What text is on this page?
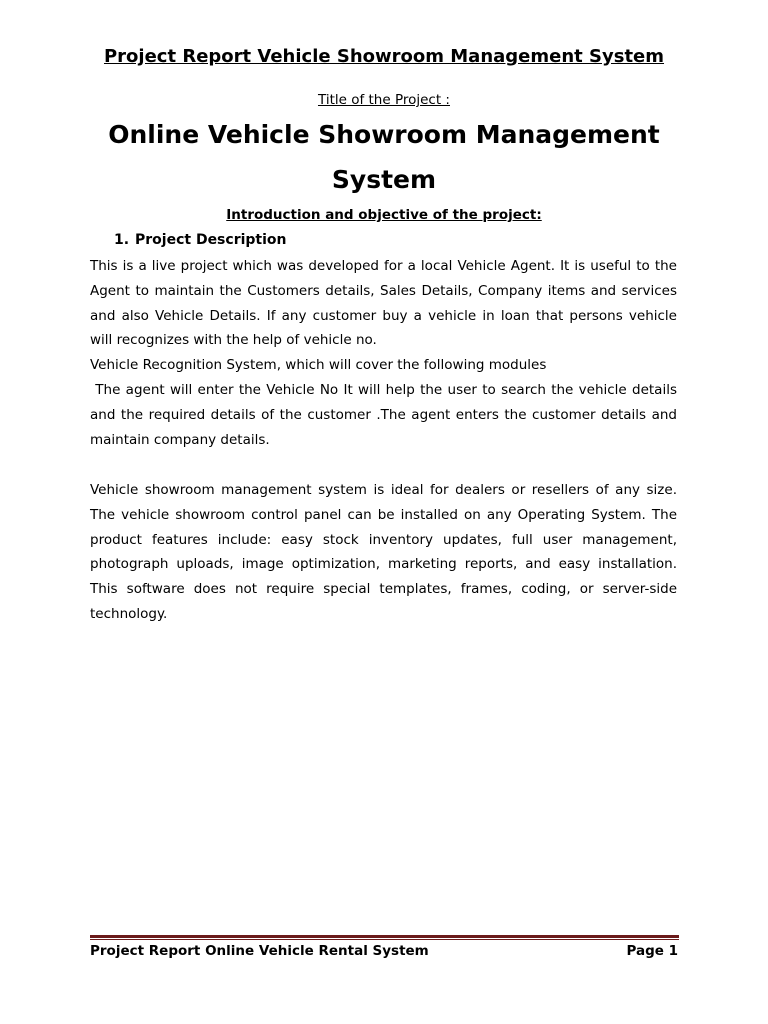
Project Report Vehicle Showroom Management System

Title of the Project :

Online Vehicle Showroom Management
System

Introduction and objective of the project:

1. Project Description

This is a live project which was developed for a local Vehicle Agent. It is useful to the
Agent to maintain the Customers details, Sales Details, Company items and services
and also Vehicle Details. If any customer buy a vehicle in loan that persons vehicle
will recognizes with the help of vehicle no.
Vehicle Recognition System, which will cover the following modules
The agent will enter the Vehicle No It will help the user to search the vehicle details
and the required details of the customer .The agent enters the customer details and
maintain company details.
Vehicle showroom management system is ideal for dealers or resellers of any size.
The vehicle showroom control panel can be installed on any Operating System. The
product features include: easy stock inventory updates, full user management,
photograph uploads, image optimization, marketing reports, and easy installation.
This software does not require special templates, frames, coding, or server-side
technology.

Project Report Online Vehicle Rental System	Page 1
